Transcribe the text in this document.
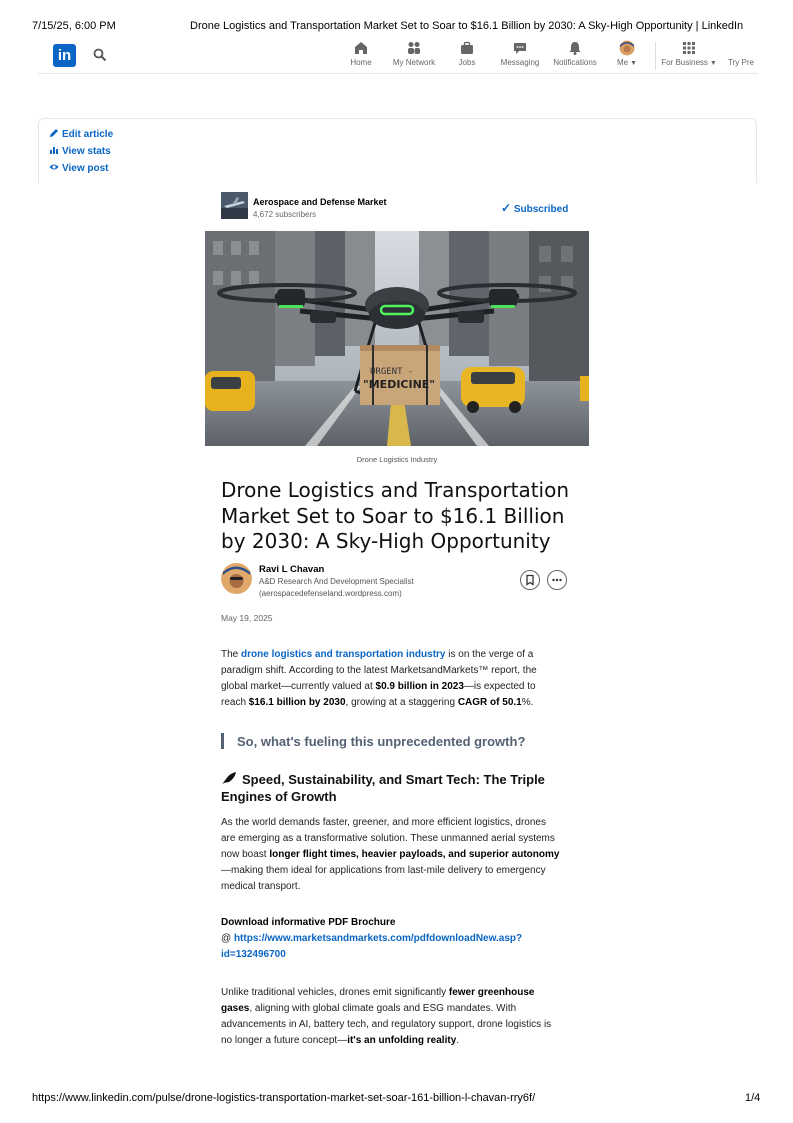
7/15/25, 6:00 PM	Drone Logistics and Transportation Market Set to Soar to $16.1 Billion by 2030: A Sky-High Opportunity | LinkedIn
in	Home	My Network	Jobs	Messaging	Notifications	Me ▼	For Business ▼ Try Pre
Edit article
View stats
View post
Aerospace and Defense Market
4,672 subscribers	✓ Subscribed
URGENT -
"MEDICINE"
Drone Logistics Industry
Drone Logistics and Transportation
Market Set to Soar to $16.1 Billion
by 2030: A Sky-High Opportunity
Ravi L Chavan
A&D Research And Development Specialist
(aerospacedefenseland.wordpress.com)
May 19, 2025
The drone logistics and transportation industry is on the verge of a
paradigm shift. According to the latest MarketsandMarkets™ report, the
global market—currently valued at $0.9 billion in 2023—is expected to
reach $16.1 billion by 2030, growing at a staggering CAGR of 50.1%.
So, what's fueling this unprecedented growth?
Speed, Sustainability, and Smart Tech: The Triple
Engines of Growth
As the world demands faster, greener, and more efficient logistics, drones
are emerging as a transformative solution. These unmanned aerial systems
now boast longer flight times, heavier payloads, and superior autonomy
—making them ideal for applications from last-mile delivery to emergency
medical transport.
Download informative PDF Brochure
@ https://www.marketsandmarkets.com/pdfdownloadNew.asp?
id=132496700
Unlike traditional vehicles, drones emit significantly fewer greenhouse
gases, aligning with global climate goals and ESG mandates. With
advancements in AI, battery tech, and regulatory support, drone logistics is
no longer a future concept—it's an unfolding reality.
https://www.linkedin.com/pulse/drone-logistics-transportation-market-set-soar-161-billion-l-chavan-rry6f/	1/4
